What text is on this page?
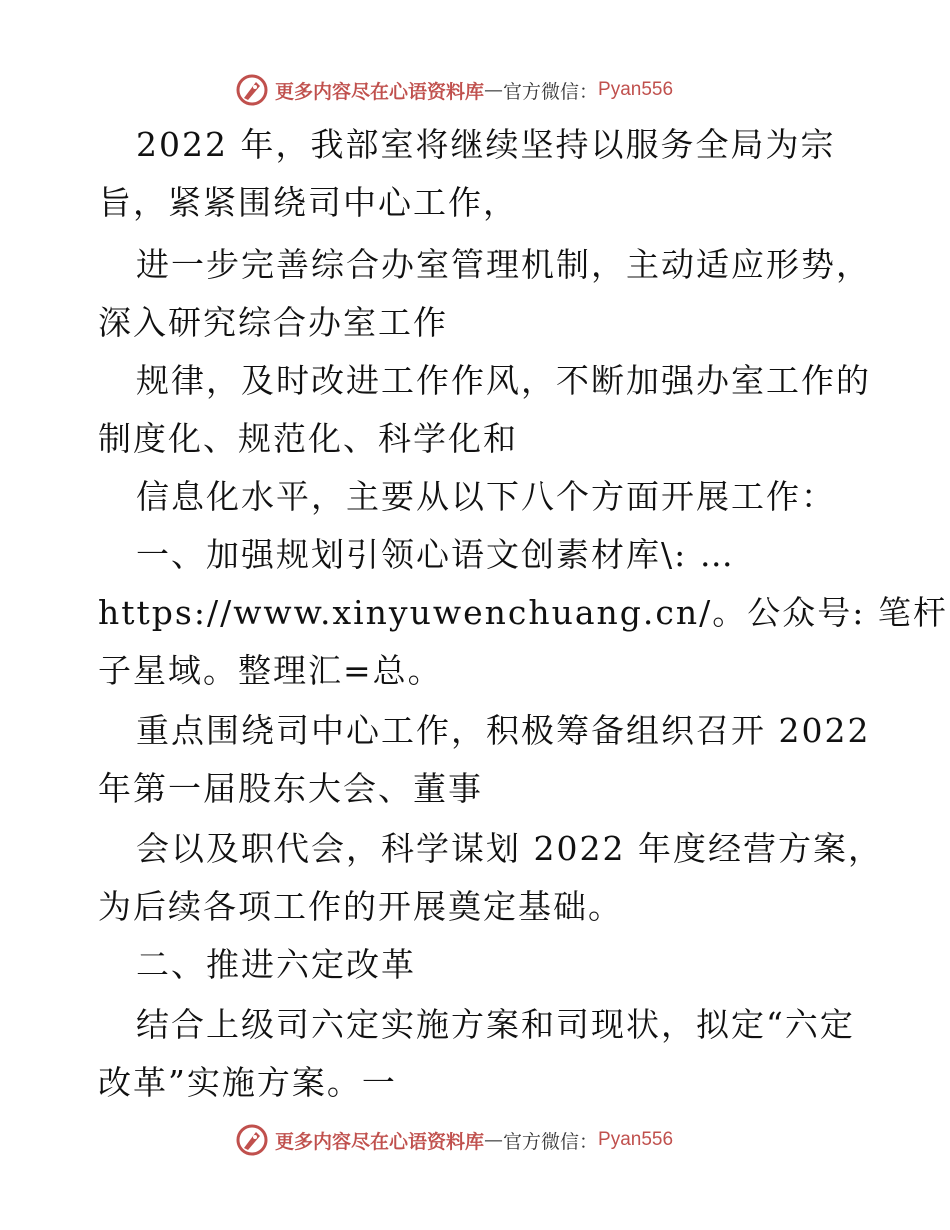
更多内容尽在心语资料库 — 官方微信： Pyan556
2022 年，我部室将继续坚持以服务全局为宗
旨，紧紧围绕司中心工作，
进一步完善综合办室管理机制，主动适应形势，
深入研究综合办室工作
规律，及时改进工作作风，不断加强办室工作的
制度化、规范化、科学化和
信息化水平，主要从以下八个方面开展工作：
一、加强规划引领心语文创素材库\: …
https://www.xinyuwenchuang.cn/。公众号: 笔杆
子星域。整理汇=总。
重点围绕司中心工作，积极筹备组织召开 2022
年第一届股东大会、董事
会以及职代会，科学谋划 2022 年度经营方案，
为后续各项工作的开展奠定基础。
二、推进六定改革
结合上级司六定实施方案和司现状，拟定“六定
改革”实施方案。一
更多内容尽在心语资料库 — 官方微信： Pyan556
